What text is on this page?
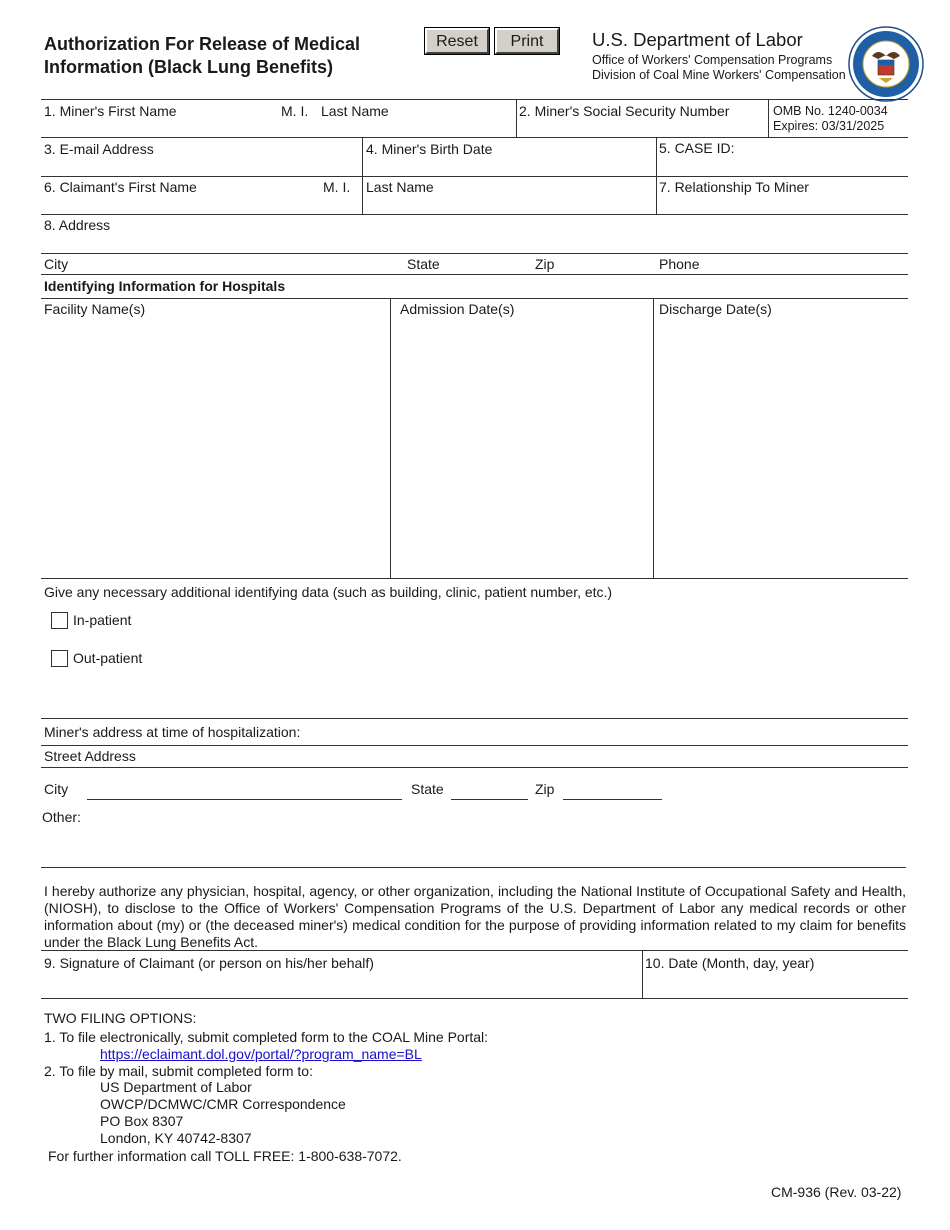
Authorization For Release of Medical
Information (Black Lung Benefits)
Reset	Print	U.S. Department of Labor
Office of Workers' Compensation Programs
Division of Coal Mine Workers' Compensation
1. Miner's First Name	M. I. Last Name	2. Miner's Social Security Number	OMB No. 1240-0034
Expires: 03/31/2025
3. E-mail Address	4. Miner's Birth Date	5. CASE ID:
6. Claimant's First Name	M. I. Last Name	7. Relationship To Miner
8. Address
City	State	Zip	Phone
Identifying Information for Hospitals
Facility Name(s)	Admission Date(s)	Discharge Date(s)
Give any necessary additional identifying data (such as building, clinic, patient number, etc.)
In-patient
Out-patient
Miner's address at time of hospitalization:
Street Address
City	State	Zip
Other:
I hereby authorize any physician, hospital, agency, or other organization, including the National Institute of Occupational Safety and Health, (NIOSH), to disclose to the Office of Workers' Compensation Programs of the U.S. Department of Labor any medical records or other information about (my) or (the deceased miner's) medical condition for the purpose of providing information related to my claim for benefits under the Black Lung Benefits Act.
9. Signature of Claimant (or person on his/her behalf)	10. Date (Month, day, year)
TWO FILING OPTIONS:
1. To file electronically, submit completed form to the COAL Mine Portal:
https://eclaimant.dol.gov/portal/?program_name=BL
2. To file by mail, submit completed form to:
US Department of Labor
OWCP/DCMWC/CMR Correspondence
PO Box 8307
London, KY 40742-8307
For further information call TOLL FREE: 1-800-638-7072.
CM-936 (Rev. 03-22)
